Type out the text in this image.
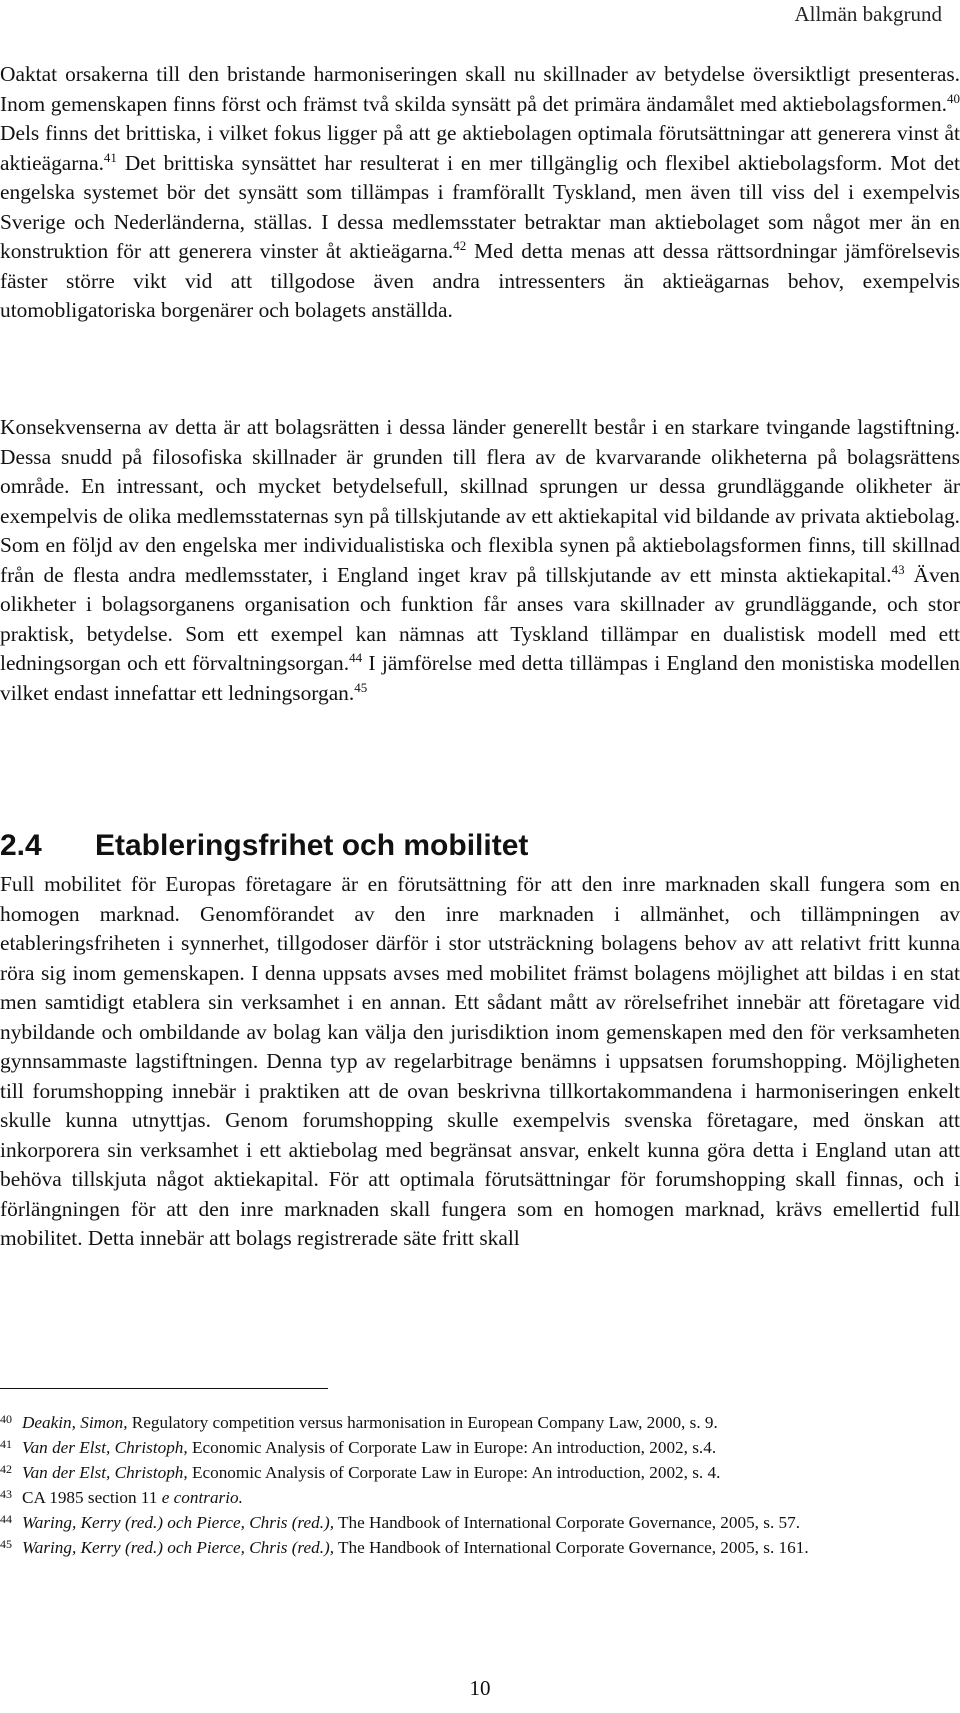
Allmän bakgrund

Oaktat orsakerna till den bristande harmoniseringen skall nu skillnader av betydelse översiktligt presenteras. Inom gemenskapen finns först och främst två skilda synsätt på det primära ändamålet med aktiebolagsformen.$^{40}$ Dels finns det brittiska, i vilket fokus ligger på att ge aktiebolagen optimala förutsättningar att generera vinst åt aktieägarna.$^{41}$ Det brittiska synsättet har resulterat i en mer tillgänglig och flexibel aktiebolagsform. Mot det engelska systemet bör det synsätt som tillämpas i framförallt Tyskland, men även till viss del i exempelvis Sverige och Nederländerna, ställas. I dessa medlemsstater betraktar man aktiebolaget som något mer än en konstruktion för att generera vinster åt aktieägarna.$^{42}$ Med detta menas att dessa rättsordningar jämförelsevis fäster större vikt vid att tillgodose även andra intressenters än aktieägarnas behov, exempelvis utomobligatoriska borgenärer och bolagets anställda.

Konsekvenserna av detta är att bolagsrätten i dessa länder generellt består i en starkare tvingande lagstiftning. Dessa snudd på filosofiska skillnader är grunden till flera av de kvarvarande olikheterna på bolagsrättens område. En intressant, och mycket betydelsefull, skillnad sprungen ur dessa grundläggande olikheter är exempelvis de olika medlemsstaternas syn på tillskjutande av ett aktiekapital vid bildande av privata aktiebolag. Som en följd av den engelska mer individualistiska och flexibla synen på aktiebolagsformen finns, till skillnad från de flesta andra medlemsstater, i England inget krav på tillskjutande av ett minsta aktiekapital.$^{43}$ Även olikheter i bolagsorganens organisation och funktion får anses vara skillnader av grundläggande, och stor praktisk, betydelse. Som ett exempel kan nämnas att Tyskland tillämpar en dualistisk modell med ett ledningsorgan och ett förvaltningsorgan.$^{44}$ I jämförelse med detta tillämpas i England den monistiska modellen vilket endast innefattar ett ledningsorgan.$^{45}$

2.4 Etableringsfrihet och mobilitet

Full mobilitet för Europas företagare är en förutsättning för att den inre marknaden skall fungera som en homogen marknad. Genomförandet av den inre marknaden i allmänhet, och tillämpningen av etableringsfriheten i synnerhet, tillgodoser därför i stor utsträckning bolagens behov av att relativt fritt kunna röra sig inom gemenskapen. I denna uppsats avses med mobilitet främst bolagens möjlighet att bildas i en stat men samtidigt etablera sin verksamhet i en annan. Ett sådant mått av rörelsefrihet innebär att företagare vid nybildande och ombildande av bolag kan välja den jurisdiktion inom gemenskapen med den för verksamheten gynnsammaste lagstiftningen. Denna typ av regelarbitrage benämns i uppsatsen forumshopping. Möjligheten till forumshopping innebär i praktiken att de ovan beskrivna tillkortakommandena i harmoniseringen enkelt skulle kunna utnyttjas. Genom forumshopping skulle exempelvis svenska företagare, med önskan att inkorporera sin verksamhet i ett aktiebolag med begränsat ansvar, enkelt kunna göra detta i England utan att behöva tillskjuta något aktiekapital. För att optimala förutsättningar för forumshopping skall finnas, och i förlängningen för att den inre marknaden skall fungera som en homogen marknad, krävs emellertid full mobilitet. Detta innebär att bolags registrerade säte fritt skall

40 Deakin, Simon, Regulatory competition versus harmonisation in European Company Law, 2000, s. 9.

41 Van der Elst, Christoph, Economic Analysis of Corporate Law in Europe: An introduction, 2002, s.4.

42 Van der Elst, Christoph, Economic Analysis of Corporate Law in Europe: An introduction, 2002, s. 4.

43 CA 1985 section 11 e contrario.

44 Waring, Kerry (red.) och Pierce, Chris (red.), The Handbook of International Corporate Governance, 2005, s. 57.

45 Waring, Kerry (red.) och Pierce, Chris (red.), The Handbook of International Corporate Governance, 2005, s. 161.

10
